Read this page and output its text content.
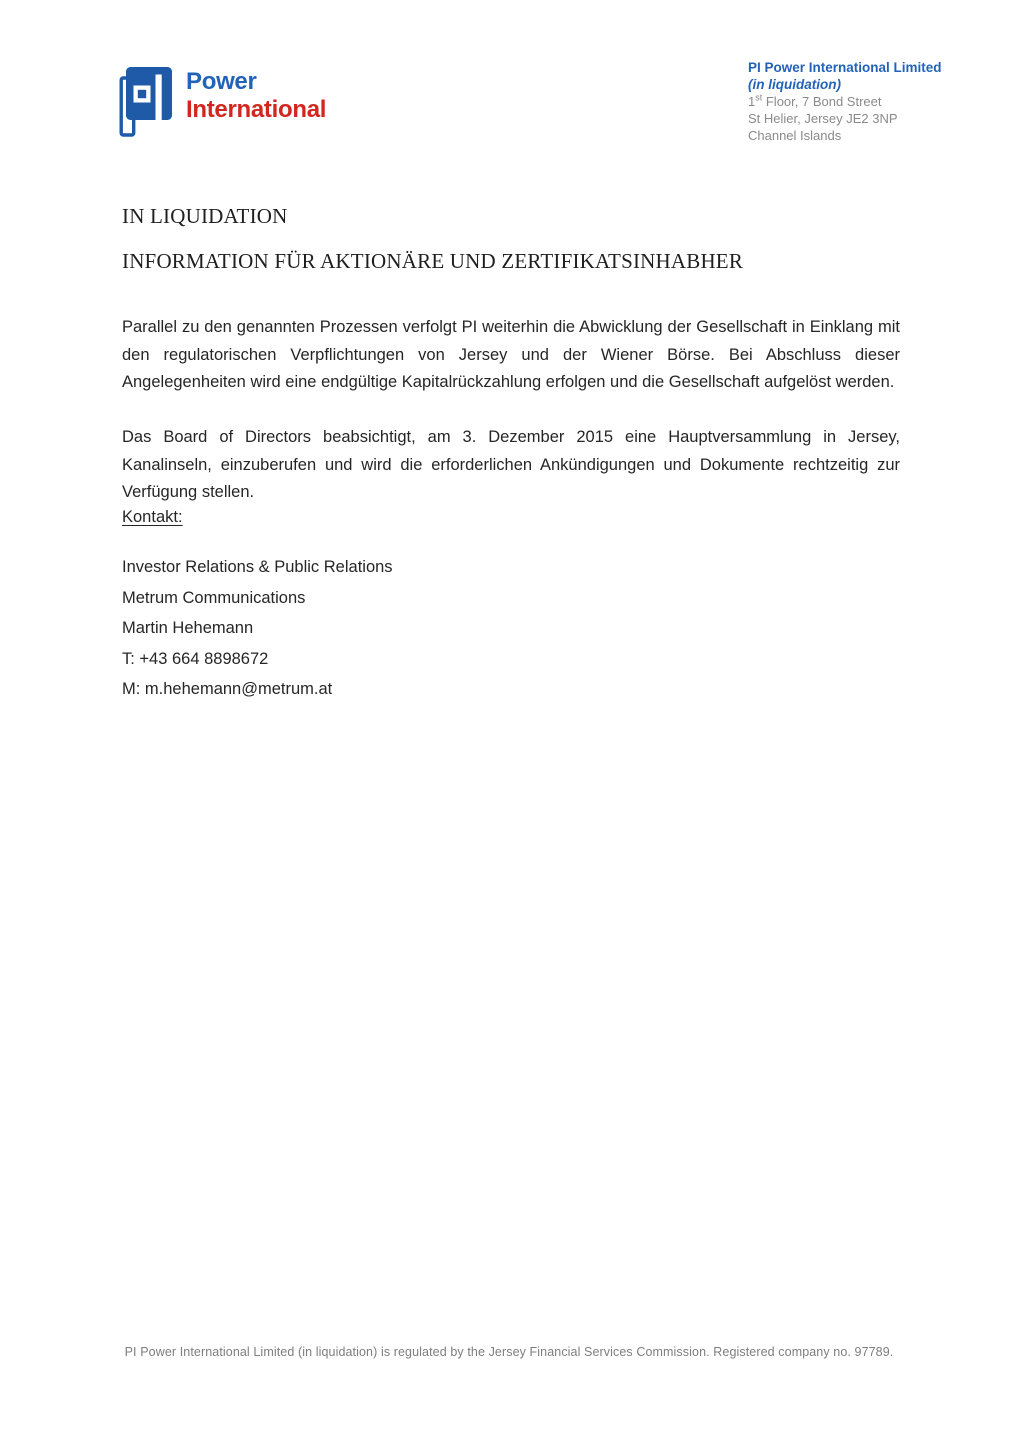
Power
International
PI Power International Limited
(in liquidation)
1st Floor, 7 Bond Street
St Helier, Jersey JE2 3NP
Channel Islands
IN LIQUIDATION
INFORMATION FÜR AKTIONÄRE UND ZERTIFIKATSINHABHER
Parallel zu den genannten Prozessen verfolgt PI weiterhin die Abwicklung der Gesellschaft in Einklang mit den regulatorischen Verpflichtungen von Jersey und der Wiener Börse. Bei Abschluss dieser Angelegenheiten wird eine endgültige Kapitalrückzahlung erfolgen und die Gesellschaft aufgelöst werden.
Das Board of Directors beabsichtigt, am 3. Dezember 2015 eine Hauptversammlung in Jersey, Kanalinseln, einzuberufen und wird die erforderlichen Ankündigungen und Dokumente rechtzeitig zur Verfügung stellen.
Kontakt:
Investor Relations & Public Relations
Metrum Communications
Martin Hehemann
T: +43 664 8898672
M: m.hehemann@metrum.at
PI Power International Limited (in liquidation) is regulated by the Jersey Financial Services Commission. Registered company no. 97789.
